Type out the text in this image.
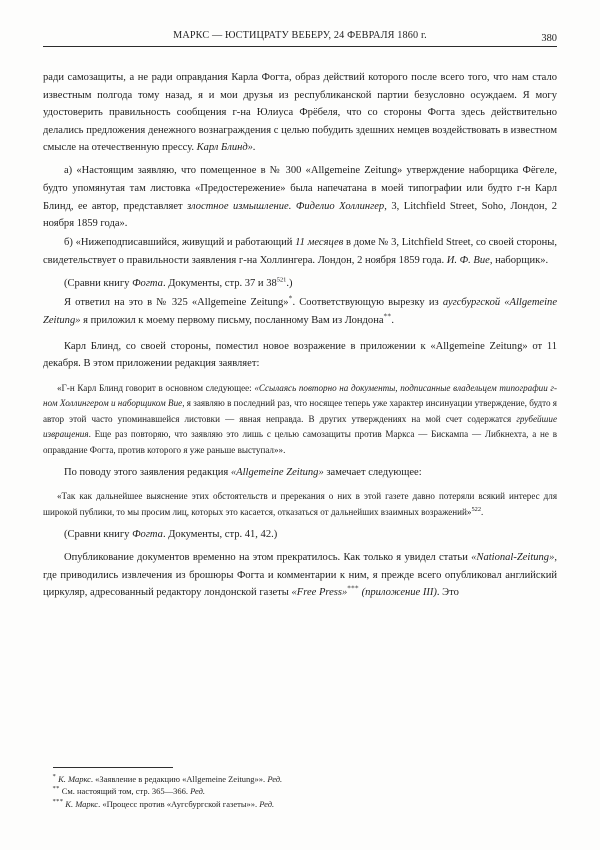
МАРКС — ЮСТИЦРАТУ ВЕБЕРУ, 24 ФЕВРАЛЯ 1860 г.	380

ради самозащиты, а не ради оправдания Карла Фогта, образ действий которого после всего того, что нам стало известным полгода тому назад, я и мои друзья из республиканской партии безусловно осуждаем. Я могу удостоверить правильность сообщения г-на Юлиуса Фрёбеля, что со стороны Фогта здесь действительно делались предложения денежного вознаграждения с целью побудить здешних немцев воздействовать в известном смысле на отечественную прессу. Карл Блинд».

а) «Настоящим заявляю, что помещенное в № 300 «Allgemeine Zeitung» утверждение наборщика Фёгеле, будто упомянутая там листовка «Предостережение» была напечатана в моей типографии или будто г-н Карл Блинд, ее автор, представляет злостное измышление. Фиделио Холлингер, 3, Litchfield Street, Soho, Лондон, 2 ноября 1859 года».

б) «Нижеподписавшийся, живущий и работающий 11 месяцев в доме № 3, Litchfield Street, со своей стороны, свидетельствует о правильности заявления г-на Холлингера. Лондон, 2 ноября 1859 года. И. Ф. Вие, наборщик».

(Сравни книгу Фогта. Документы, стр. 37 и $38^{521}$.)

Я ответил на это в № 325 «Allgemeine Zeitung»*. Соответствующую вырезку из аугсбургской «Allgemeine Zeitung» я приложил к моему первому письму, посланному Вам из Лондона**.

Карл Блинд, со своей стороны, поместил новое возражение в приложении к «Allgemeine Zeitung» от 11 декабря. В этом приложении редакция заявляет:

«Г-н Карл Блинд говорит в основном следующее: «Ссылаясь повторно на документы, подписанные владельцем типографии г-ном Холлингером и наборщиком Вие, я заявляю в последний раз, что носящее теперь уже характер инсинуации утверждение, будто я автор этой часто упоминавшейся листовки — явная неправда. В других утверждениях на мой счет содержатся грубейшие извращения. Еще раз повторяю, что заявляю это лишь с целью самозащиты против Маркса — Бискампа — Либкнехта, а не в оправдание Фогта, против которого я уже раньше выступал»».

По поводу этого заявления редакция «Allgemeine Zeitung» замечает следующее:

«Так как дальнейшее выяснение этих обстоятельств и пререкания о них в этой газете давно потеряли всякий интерес для широкой публики, то мы просим лиц, которых это касается, отказаться от дальнейших взаимных возражений»$^{522}$.

(Сравни книгу Фогта. Документы, стр. 41, 42.)

Опубликование документов временно на этом прекратилось. Как только я увидел статьи «National-Zeitung», где приводились извлечения из брошюры Фогта и комментарии к ним, я прежде всего опубликовал английский циркуляр, адресованный редактору лондонской газеты «Free Press»*** (приложение III). Это

* К. Маркс. «Заявление в редакцию «Allgemeine Zeitung»». Ред.
** См. настоящий том, стр. 365—366. Ред.
*** К. Маркс. «Процесс против «Аугсбургской газеты»». Ред.
